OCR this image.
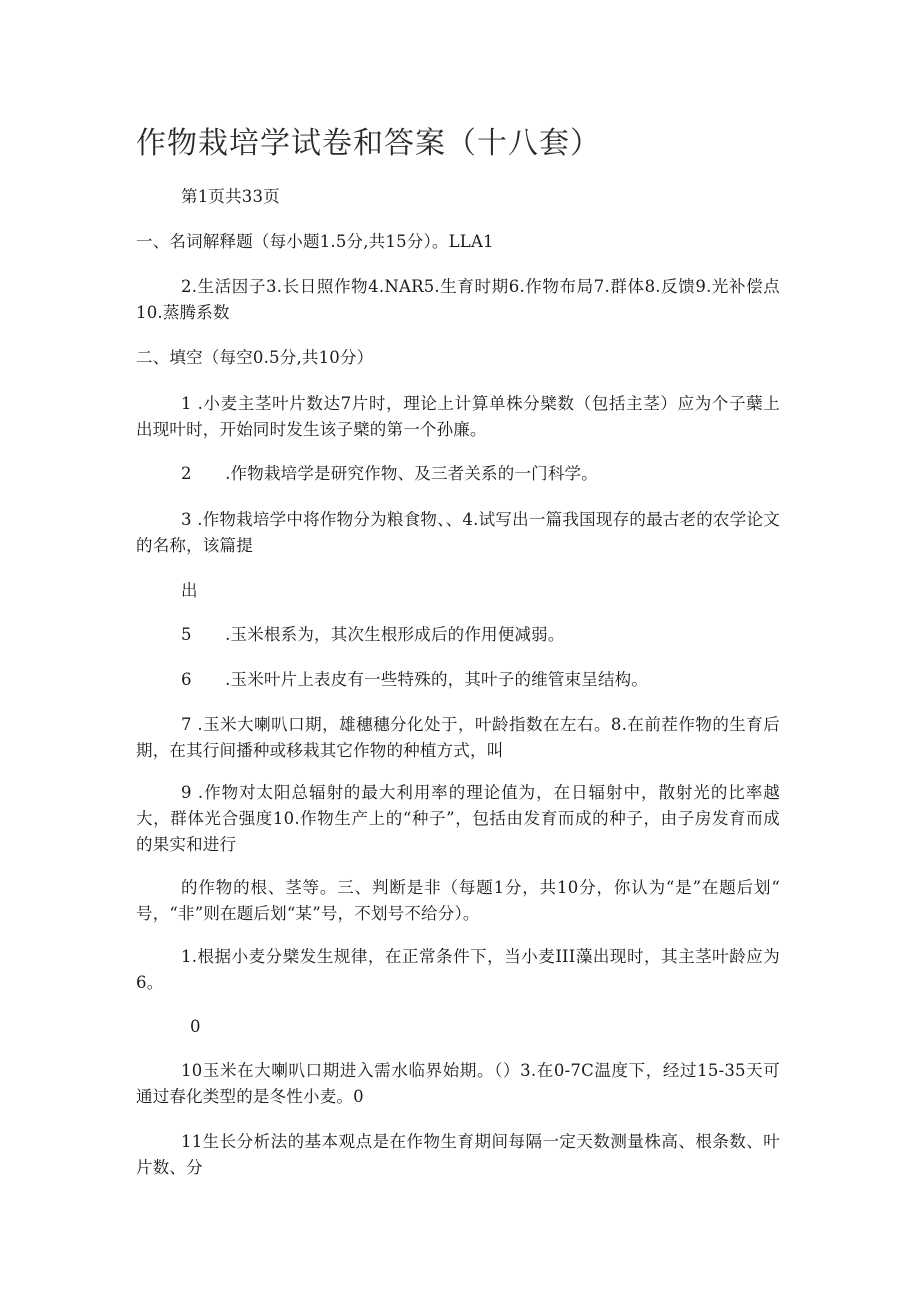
作物栽培学试卷和答案（十八套）
第1页共33页
一、名词解释题（每小题1.5分,共15分）。LLA1
2.生活因子3.长日照作物4.NAR5.生育时期6.作物布局7.群体8.反馈9.光补偿点10.蒸腾系数
二、填空（每空0.5分,共10分）
1 .小麦主茎叶片数达7片时，理论上计算单株分檗数（包括主茎）应为个子蘖上出现叶时，开始同时发生该子檗的第一个孙廉。
2　　.作物栽培学是研究作物、及三者关系的一门科学。
3 .作物栽培学中将作物分为粮食物、、4.试写出一篇我国现存的最古老的农学论文的名称，该篇提
出
5　　.玉米根系为，其次生根形成后的作用便减弱。
6　　.玉米叶片上表皮有一些特殊的，其叶子的维管束呈结构。
7 .玉米大喇叭口期，雄穗穗分化处于，叶龄指数在左右。8.在前茬作物的生育后期，在其行间播种或移栽其它作物的种植方式，叫
9 .作物对太阳总辐射的最大利用率的理论值为，在日辐射中，散射光的比率越大，群体光合强度10.作物生产上的“种子”，包括由发育而成的种子，由子房发育而成的果实和进行
的作物的根、茎等。三、判断是非（每题1分，共10分，你认为“是”在题后划“　号，“非”则在题后划“某”号，不划号不给分）。
1.根据小麦分檗发生规律，在正常条件下，当小麦III藻出现时，其主茎叶龄应为6。
0
10玉米在大喇叭口期进入需水临界始期。（）3.在0-7C温度下，经过15-35天可通过春化类型的是冬性小麦。0
11生长分析法的基本观点是在作物生育期间每隔一定天数测量株高、根条数、叶片数、分
